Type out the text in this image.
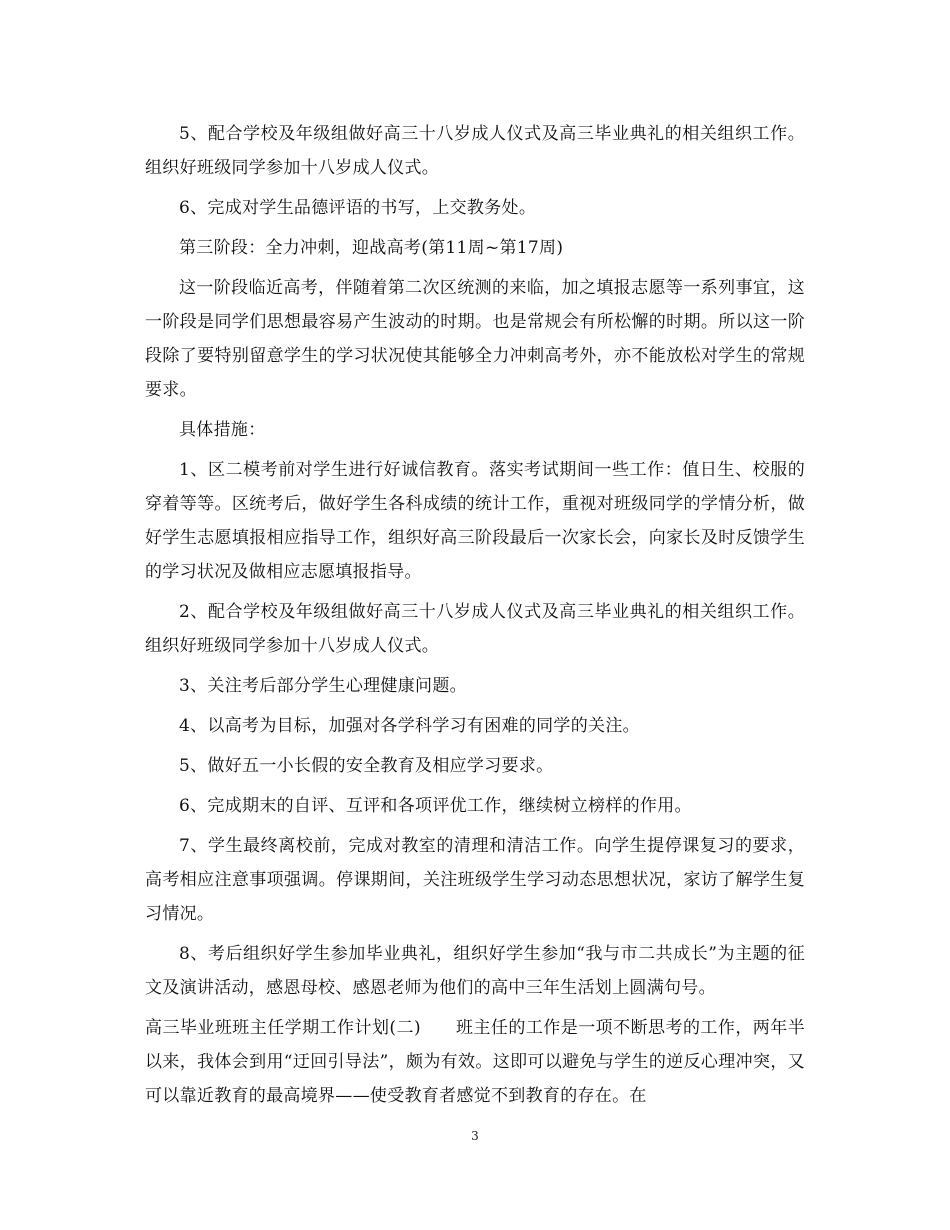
5、配合学校及年级组做好高三十八岁成人仪式及高三毕业典礼的相关组织工作。组织好班级同学参加十八岁成人仪式。

6、完成对学生品德评语的书写，上交教务处。

第三阶段：全力冲刺，迎战高考(第11周~第17周)

这一阶段临近高考，伴随着第二次区统测的来临，加之填报志愿等一系列事宜，这一阶段是同学们思想最容易产生波动的时期。也是常规会有所松懈的时期。所以这一阶段除了要特别留意学生的学习状况使其能够全力冲刺高考外，亦不能放松对学生的常规要求。

具体措施：

1、区二模考前对学生进行好诚信教育。落实考试期间一些工作：值日生、校服的穿着等等。区统考后，做好学生各科成绩的统计工作，重视对班级同学的学情分析，做好学生志愿填报相应指导工作，组织好高三阶段最后一次家长会，向家长及时反馈学生的学习状况及做相应志愿填报指导。

2、配合学校及年级组做好高三十八岁成人仪式及高三毕业典礼的相关组织工作。组织好班级同学参加十八岁成人仪式。

3、关注考后部分学生心理健康问题。

4、以高考为目标，加强对各学科学习有困难的同学的关注。

5、做好五一小长假的安全教育及相应学习要求。

6、完成期末的自评、互评和各项评优工作，继续树立榜样的作用。

7、学生最终离校前，完成对教室的清理和清洁工作。向学生提停课复习的要求，高考相应注意事项强调。停课期间，关注班级学生学习动态思想状况，家访了解学生复习情况。

8、考后组织好学生参加毕业典礼，组织好学生参加“我与市二共成长”为主题的征文及演讲活动，感恩母校、感恩老师为他们的高中三年生活划上圆满句号。

高三毕业班班主任学期工作计划(二)　　班主任的工作是一项不断思考的工作，两年半以来，我体会到用“迂回引导法”，颇为有效。这即可以避免与学生的逆反心理冲突，又可以靠近教育的最高境界——使受教育者感觉不到教育的存在。在

3
